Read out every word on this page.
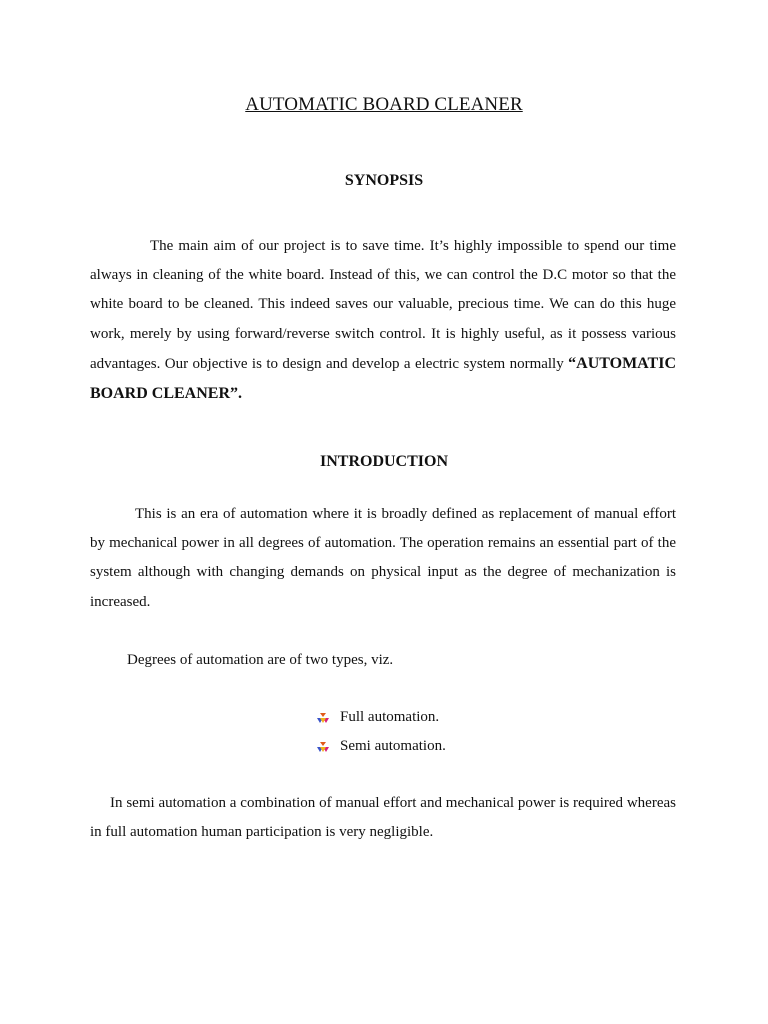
AUTOMATIC BOARD CLEANER
SYNOPSIS
The main aim of our project is to save time. It’s highly impossible to spend our time always in cleaning of the white board. Instead of this, we can control the D.C motor so that the white board to be cleaned. This indeed saves our valuable, precious time. We can do this huge work, merely by using forward/reverse switch control. It is highly useful, as it possess various advantages. Our objective is to design and develop a electric system normally “AUTOMATIC BOARD CLEANER”.
INTRODUCTION
This is an era of automation where it is broadly defined as replacement of manual effort by mechanical power in all degrees of automation. The operation remains an essential part of the system although with changing demands on physical input as the degree of mechanization is increased.
Degrees of automation are of two types, viz.
Full automation.
Semi automation.
In semi automation a combination of manual effort and mechanical power is required whereas in full automation human participation is very negligible.
